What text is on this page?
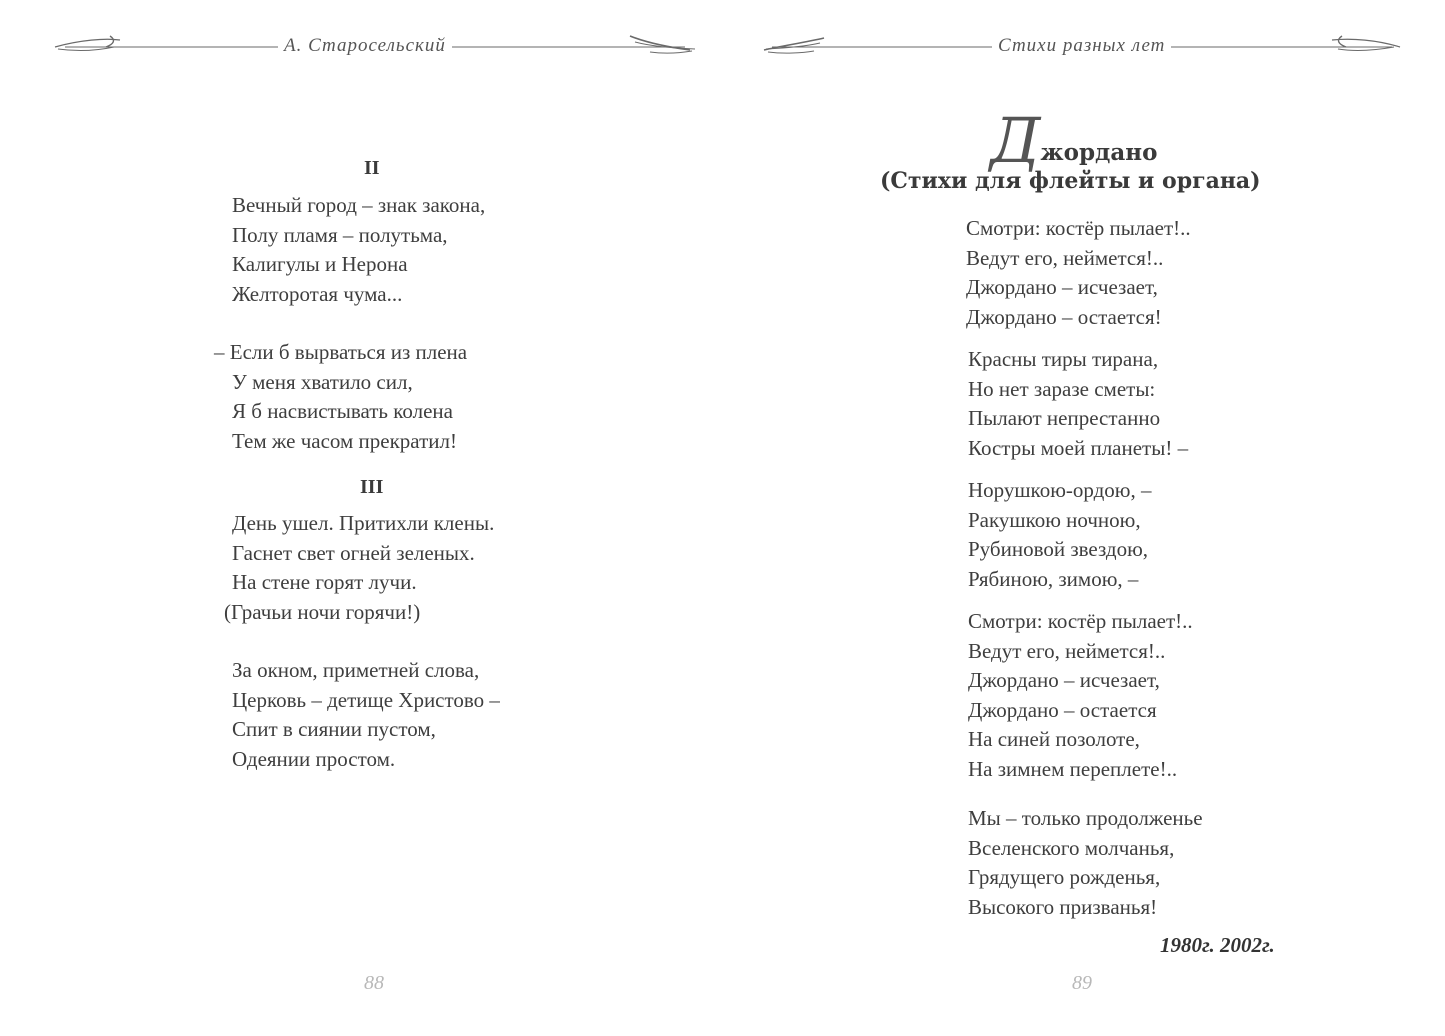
А. Старосельский
II
Вечный город – знак закона,
Полу пламя – полутьма,
Калигулы и Нерона
Желторотая чума...
– Если б вырваться из плена
У меня хватило сил,
Я б насвистывать колена
Тем же часом прекратил!
III
День ушел. Притихли клены.
Гаснет свет огней зеленых.
На стене горят лучи.
(Грачьи ночи горячи!)
За окном, приметней слова,
Церковь – детище Христово –
Спит в сиянии пустом,
Одеянии простом.
88
Стихи разных лет
Джордано
(Стихи для флейты и органа)
Смотри: костёр пылает!..
Ведут его, неймется!..
Джордано – исчезает,
Джордано – остается!
Красны тиры тирана,
Но нет заразе сметы:
Пылают непрестанно
Костры моей планеты! –
Норушкою-ордою, –
Ракушкою ночною,
Рубиновой звездою,
Рябиною, зимою, –
Смотри: костёр пылает!..
Ведут его, неймется!..
Джордано – исчезает,
Джордано – остается
На синей позолоте,
На зимнем переплете!..
Мы – только продолженье
Вселенского молчанья,
Грядущего рожденья,
Высокого призванья!
1980г. 2002г.
89
